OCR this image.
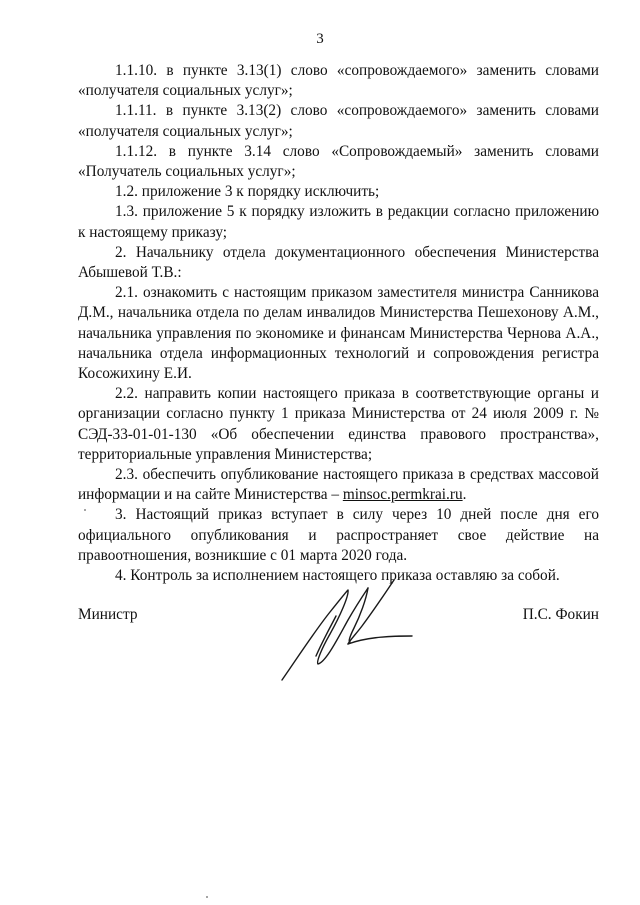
3

1.1.10. в пункте 3.13(1) слово «сопровождаемого» заменить словами «получателя социальных услуг»;

1.1.11. в пункте 3.13(2) слово «сопровождаемого» заменить словами «получателя социальных услуг»;

1.1.12. в пункте 3.14 слово «Сопровождаемый» заменить словами «Получатель социальных услуг»;

1.2. приложение 3 к порядку исключить;

1.3. приложение 5 к порядку изложить в редакции согласно приложению к настоящему приказу;

2. Начальнику отдела документационного обеспечения Министерства Абышевой Т.В.:

2.1. ознакомить с настоящим приказом заместителя министра Санникова Д.М., начальника отдела по делам инвалидов Министерства Пешехонову А.М., начальника управления по экономике и финансам Министерства Чернова А.А., начальника отдела информационных технологий и сопровождения регистра Косожихину Е.И.

2.2. направить копии настоящего приказа в соответствующие органы и организации согласно пункту 1 приказа Министерства от 24 июля 2009 г. № СЭД-33-01-01-130 «Об обеспечении единства правового пространства», территориальные управления Министерства;

2.3. обеспечить опубликование настоящего приказа в средствах массовой информации и на сайте Министерства – minsoc.permkrai.ru.

3. Настоящий приказ вступает в силу через 10 дней после дня его официального опубликования и распространяет свое действие на правоотношения, возникшие с 01 марта 2020 года.

4. Контроль за исполнением настоящего приказа оставляю за собой.

Министр	П.С. Фокин
